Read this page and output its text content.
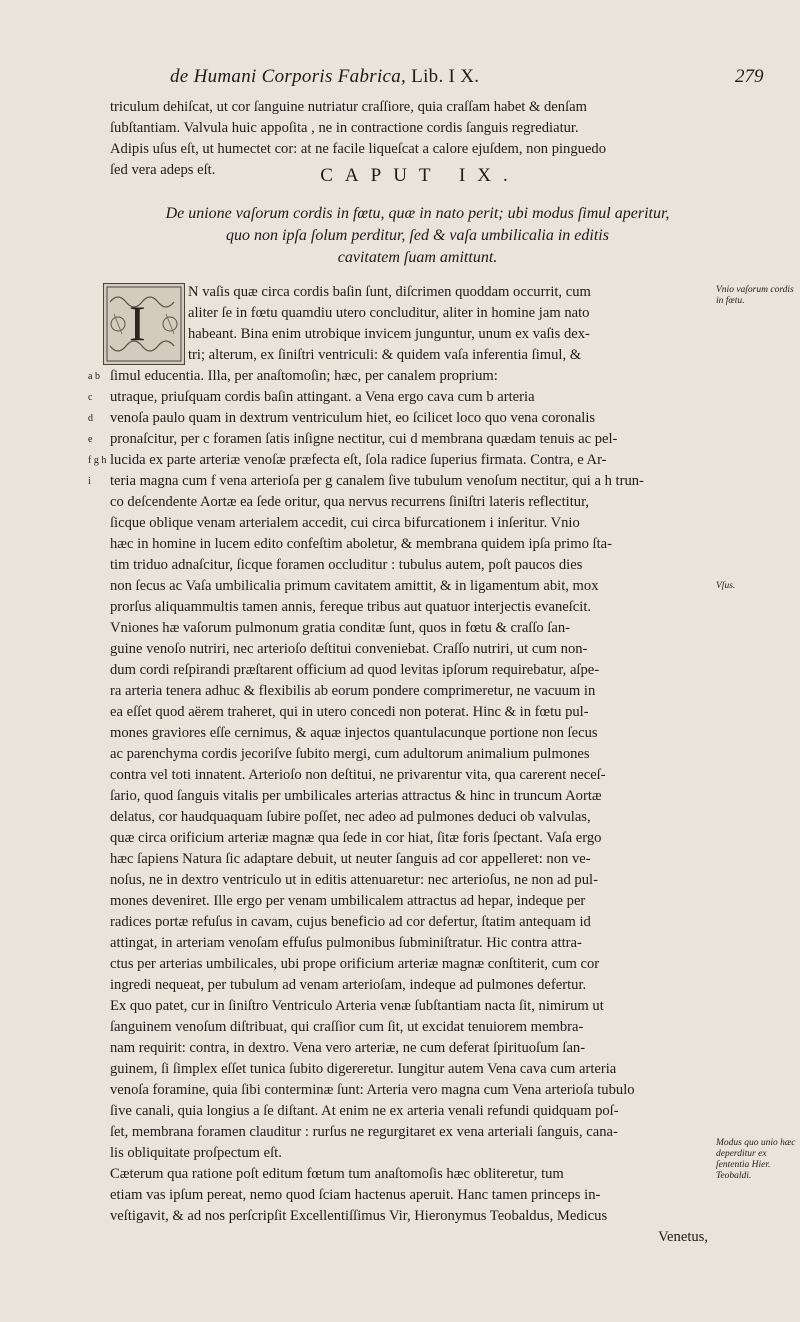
de Humani Corporis Fabrica, Lib. I X.	279
triculum dehiſcat, ut cor ſanguine nutriatur craſſiore, quia craſſam habet & denſam
ſubſtantiam. Valvula huic appoſita , ne in contractione cordis ſanguis regrediatur.
Adipis uſus eſt, ut humectet cor: at ne facile liqueſcat a calore ejuſdem, non pinguedo
ſed vera adeps eſt.	CAPUT IX.
De unione vaſorum cordis in fœtu, quæ in nato perit; ubi modus ſimul aperitur,
quo non ipſa ſolum perditur, ſed & vaſa umbilicalia in editis
cavitatem ſuam amittunt.
I
N vaſis quæ circa cordis baſin ſunt, diſcrimen quoddam occurrit, cum
aliter ſe in fœtu quamdiu utero concluditur, aliter in homine jam nato
habeant. Bina enim utrobique invicem junguntur, unum ex vaſis dex-
tri; alterum, ex ſiniſtri ventriculi: & quidem vaſa inferentia ſimul, &
ſimul educentia. Illa, per anaſtomoſin; hæc, per canalem proprium:
utraque, priuſquam cordis baſin attingant. a Vena ergo cava cum b arteria
venoſa paulo quam in dextrum ventriculum hiet, eo ſcilicet loco quo vena coronalis
pronaſcitur, per c foramen ſatis inſigne nectitur, cui d membrana quædam tenuis ac pel-
lucida ex parte arteriæ venoſæ præfecta eſt, ſola radice ſuperius firmata. Contra, e Ar-
teria magna cum f vena arterioſa per g canalem ſive tubulum venoſum nectitur, qui a h trun-
co deſcendente Aortæ ea ſede oritur, qua nervus recurrens ſiniſtri lateris reflectitur,
ſicque oblique venam arterialem accedit, cui circa bifurcationem i inſeritur. Vnio
hæc in homine in lucem edito confeſtim aboletur, & membrana quidem ipſa primo ſta-
tim triduo adnaſcitur, ſicque foramen occluditur : tubulus autem, poſt paucos dies
non ſecus ac Vaſa umbilicalia primum cavitatem amittit, & in ligamentum abit, mox
prorſus aliquammultis tamen annis, fereque tribus aut quatuor interjectis evaneſcit.
Vniones hæ vaſorum pulmonum gratia conditæ ſunt, quos in fœtu & craſſo ſan-
guine venoſo nutriri, nec arterioſo deſtitui conveniebat. Craſſo nutriri, ut cum non-
dum cordi reſpirandi præſtarent officium ad quod levitas ipſorum requirebatur, aſpe-
ra arteria tenera adhuc & flexibilis ab eorum pondere comprimeretur, ne vacuum in
ea eſſet quod aërem traheret, qui in utero concedi non poterat. Hinc & in fœtu pul-
mones graviores eſſe cernimus, & aquæ injectos quantulacunque portione non ſecus
ac parenchyma cordis jecoriſve ſubito mergi, cum adultorum animalium pulmones
contra vel toti innatent. Arterioſo non deſtitui, ne privarentur vita, qua carerent neceſ-
ſario, quod ſanguis vitalis per umbilicales arterias attractus & hinc in truncum Aortæ
delatus, cor haudquaquam ſubire poſſet, nec adeo ad pulmones deduci ob valvulas,
quæ circa orificium arteriæ magnæ qua ſede in cor hiat, ſitæ foris ſpectant. Vaſa ergo
hæc ſapiens Natura ſic adaptare debuit, ut neuter ſanguis ad cor appelleret: non ve-
noſus, ne in dextro ventriculo ut in editis attenuaretur: nec arterioſus, ne non ad pul-
mones deveniret. Ille ergo per venam umbilicalem attractus ad hepar, indeque per
radices portæ refuſus in cavam, cujus beneficio ad cor defertur, ſtatim antequam id
attingat, in arteriam venoſam effuſus pulmonibus ſubminiſtratur. Hic contra attra-
ctus per arterias umbilicales, ubi prope orificium arteriæ magnæ conſtiterit, cum cor
ingredi nequeat, per tubulum ad venam arterioſam, indeque ad pulmones defertur.
Ex quo patet, cur in ſiniſtro Ventriculo Arteria venæ ſubſtantiam nacta ſit, nimirum ut
ſanguinem venoſum diſtribuat, qui craſſior cum ſit, ut excidat tenuiorem membra-
nam requirit: contra, in dextro. Vena vero arteriæ, ne cum deferat ſpirituoſum ſan-
guinem, ſi ſimplex eſſet tunica ſubito digereretur. Iungitur autem Vena cava cum arteria
venoſa foramine, quia ſibi conterminæ ſunt: Arteria vero magna cum Vena arterioſa tubulo
ſive canali, quia longius a ſe diſtant. At enim ne ex arteria venali refundi quidquam poſ-
ſet, membrana foramen clauditur : rurſus ne regurgitaret ex vena arteriali ſanguis, cana-
lis obliquitate proſpectum eſt.
Cæterum qua ratione poſt editum fœtum tum anaſtomoſis hæc obliteretur, tum
etiam vas ipſum pereat, nemo quod ſciam hactenus aperuit. Hanc tamen princeps in-
veſtigavit, & ad nos perſcripſit Excellentiſſimus Vir, Hieronymus Teobaldus, Medicus
Venetus,
a b
c
d
e
f g h
i
Vnio vaſorum cordis in fœtu.
Vſus.
Modus quo unio hæc deperditur ex ſententia Hier. Teobaldi.
